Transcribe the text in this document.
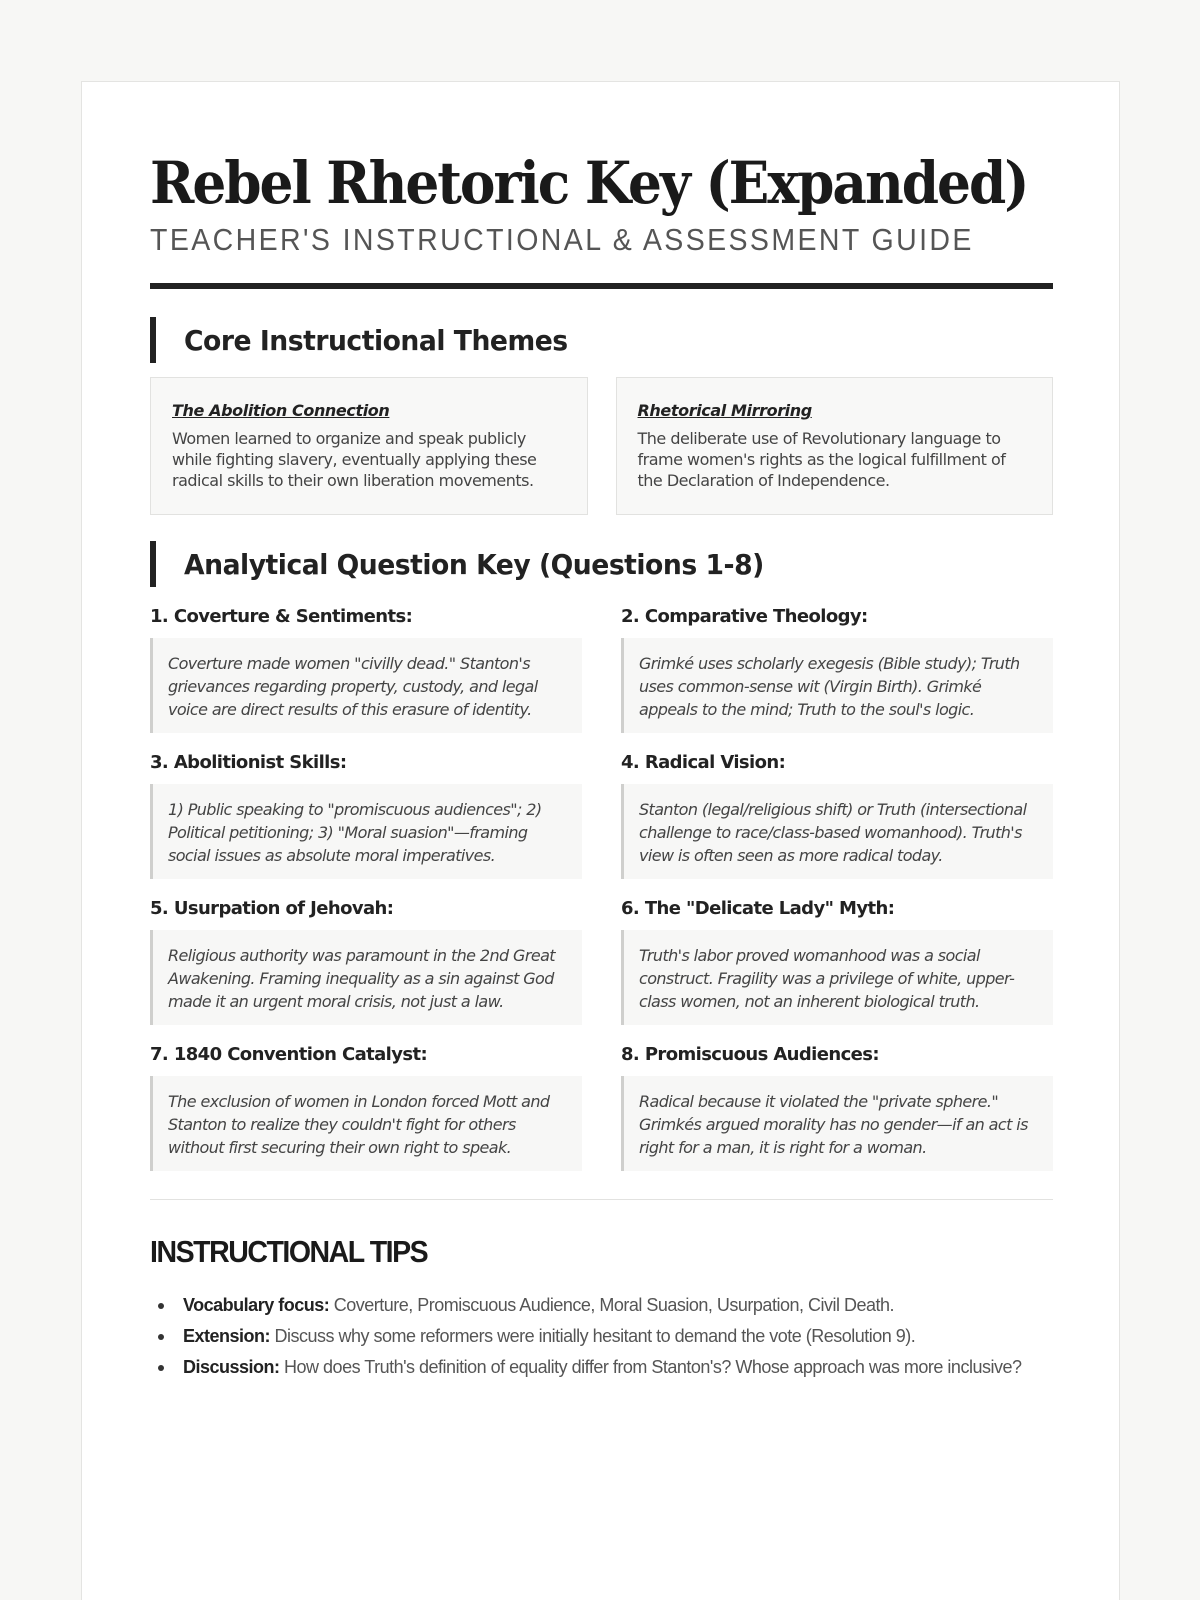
Rebel Rhetoric Key (Expanded)
TEACHER'S INSTRUCTIONAL & ASSESSMENT GUIDE
Core Instructional Themes
The Abolition Connection
Women learned to organize and speak publicly while fighting slavery, eventually applying these radical skills to their own liberation movements.
Rhetorical Mirroring
The deliberate use of Revolutionary language to frame women's rights as the logical fulfillment of the Declaration of Independence.
Analytical Question Key (Questions 1-8)
1. Coverture & Sentiments:
Coverture made women "civilly dead." Stanton's grievances regarding property, custody, and legal voice are direct results of this erasure of identity.
2. Comparative Theology:
Grimké uses scholarly exegesis (Bible study); Truth uses common-sense wit (Virgin Birth). Grimké appeals to the mind; Truth to the soul's logic.
3. Abolitionist Skills:
1) Public speaking to "promiscuous audiences"; 2) Political petitioning; 3) "Moral suasion"—framing social issues as absolute moral imperatives.
4. Radical Vision:
Stanton (legal/religious shift) or Truth (intersectional challenge to race/class-based womanhood). Truth's view is often seen as more radical today.
5. Usurpation of Jehovah:
Religious authority was paramount in the 2nd Great Awakening. Framing inequality as a sin against God made it an urgent moral crisis, not just a law.
6. The "Delicate Lady" Myth:
Truth's labor proved womanhood was a social construct. Fragility was a privilege of white, upper-class women, not an inherent biological truth.
7. 1840 Convention Catalyst:
The exclusion of women in London forced Mott and Stanton to realize they couldn't fight for others without first securing their own right to speak.
8. Promiscuous Audiences:
Radical because it violated the "private sphere." Grimkés argued morality has no gender—if an act is right for a man, it is right for a woman.
INSTRUCTIONAL TIPS
Vocabulary focus: Coverture, Promiscuous Audience, Moral Suasion, Usurpation, Civil Death.
Extension: Discuss why some reformers were initially hesitant to demand the vote (Resolution 9).
Discussion: How does Truth's definition of equality differ from Stanton's? Whose approach was more inclusive?
